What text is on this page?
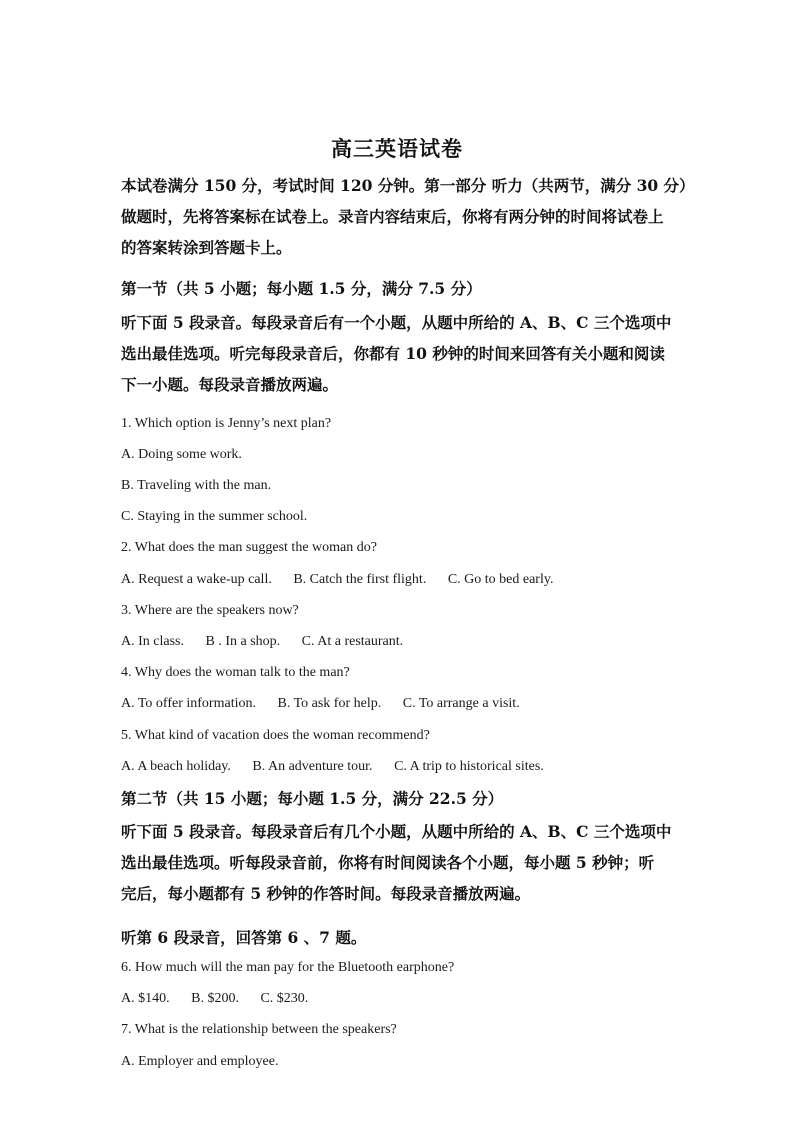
高三英语试卷
本试卷满分 150 分，考试时间 120 分钟。第一部分 听力（共两节，满分 30 分）
做题时，先将答案标在试卷上。录音内容结束后，你将有两分钟的时间将试卷上
的答案转涂到答题卡上。
第一节（共 5 小题；每小题 1.5 分，满分 7.5 分）
听下面 5 段录音。每段录音后有一个小题，从题中所给的 A、B、C 三个选项中
选出最佳选项。听完每段录音后，你都有 10 秒钟的时间来回答有关小题和阅读
下一小题。每段录音播放两遍。
1. Which option is Jenny’s next plan?
A. Doing some work.
B. Traveling with the man.
C. Staying in the summer school.
2. What does the man suggest the woman do?
A. Request a wake-up call. B. Catch the first flight. C. Go to bed early.
3. Where are the speakers now?
A. In class. B . In a shop. C. At a restaurant.
4. Why does the woman talk to the man?
A. To offer information. B. To ask for help. C. To arrange a visit.
5. What kind of vacation does the woman recommend?
A. A beach holiday. B. An adventure tour. C. A trip to historical sites.
第二节（共 15 小题；每小题 1.5 分，满分 22.5 分）
听下面 5 段录音。每段录音后有几个小题，从题中所给的 A、B、C 三个选项中
选出最佳选项。听每段录音前，你将有时间阅读各个小题，每小题 5 秒钟；听
完后，每小题都有 5 秒钟的作答时间。每段录音播放两遍。
听第 6 段录音，回答第 6 、7 题。
6. How much will the man pay for the Bluetooth earphone?
A. $140. B. $200. C. $230.
7. What is the relationship between the speakers?
A. Employer and employee.
